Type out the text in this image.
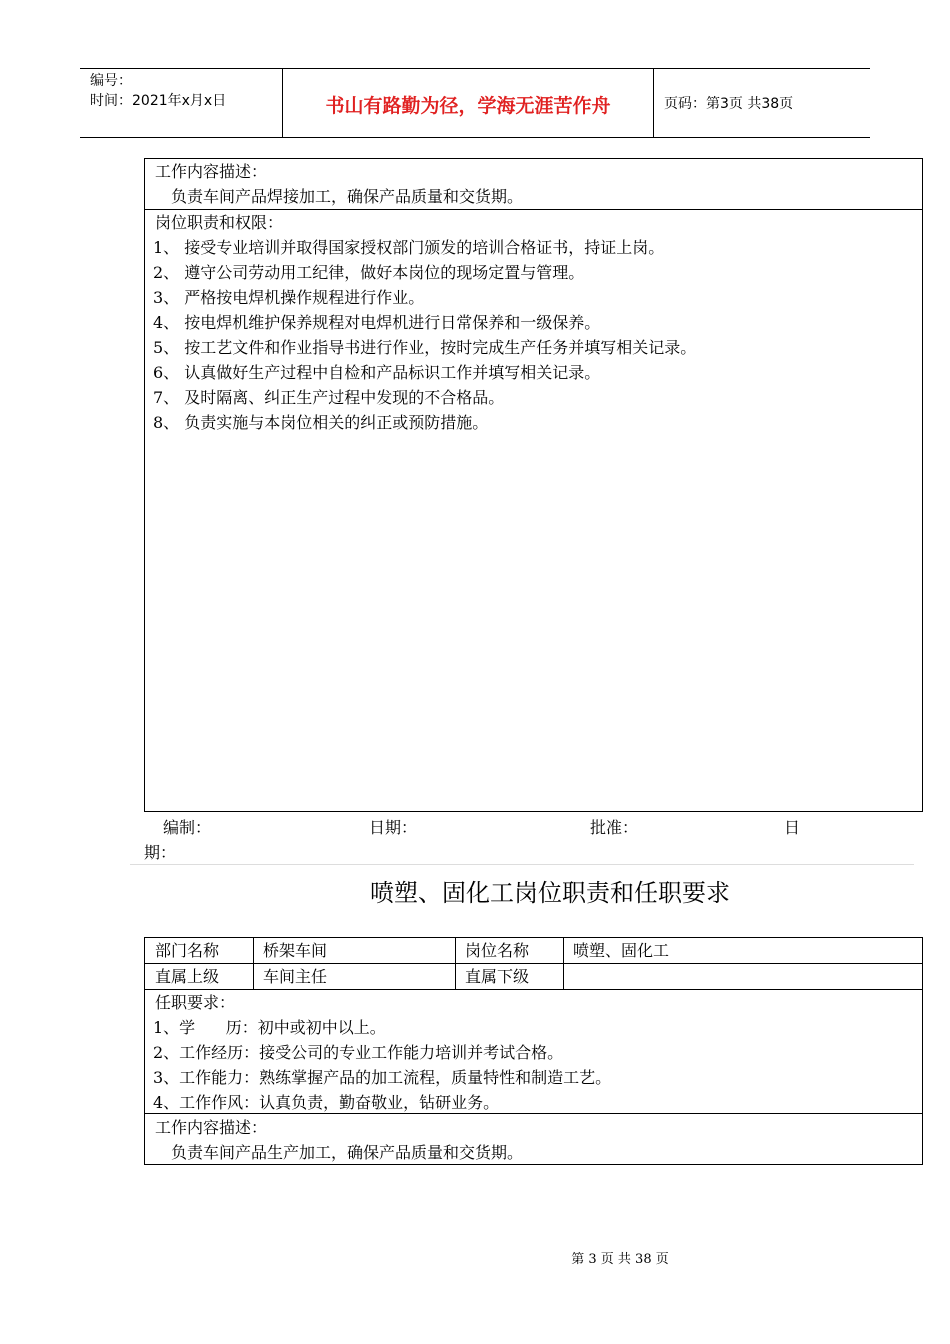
编号：
时间：2021年x月x日	书山有路勤为径，学海无涯苦作舟	页码：第3页 共38页
工作内容描述：
负责车间产品焊接加工，确保产品质量和交货期。
岗位职责和权限：
1、 接受专业培训并取得国家授权部门颁发的培训合格证书，持证上岗。
2、 遵守公司劳动用工纪律，做好本岗位的现场定置与管理。
3、 严格按电焊机操作规程进行作业。
4、 按电焊机维护保养规程对电焊机进行日常保养和一级保养。
5、 按工艺文件和作业指导书进行作业，按时完成生产任务并填写相关记录。
6、 认真做好生产过程中自检和产品标识工作并填写相关记录。
7、 及时隔离、纠正生产过程中发现的不合格品。
8、 负责实施与本岗位相关的纠正或预防措施。
编制：	日期：	批准：	日
期：
喷塑、固化工岗位职责和任职要求
部门名称	桥架车间	岗位名称	喷塑、固化工
直属上级	车间主任	直属下级
任职要求：
1、学      历：初中或初中以上。
2、工作经历：接受公司的专业工作能力培训并考试合格。
3、工作能力：熟练掌握产品的加工流程，质量特性和制造工艺。
4、工作作风：认真负责，勤奋敬业，钻研业务。
工作内容描述：
负责车间产品生产加工，确保产品质量和交货期。
第 3 页 共 38 页
